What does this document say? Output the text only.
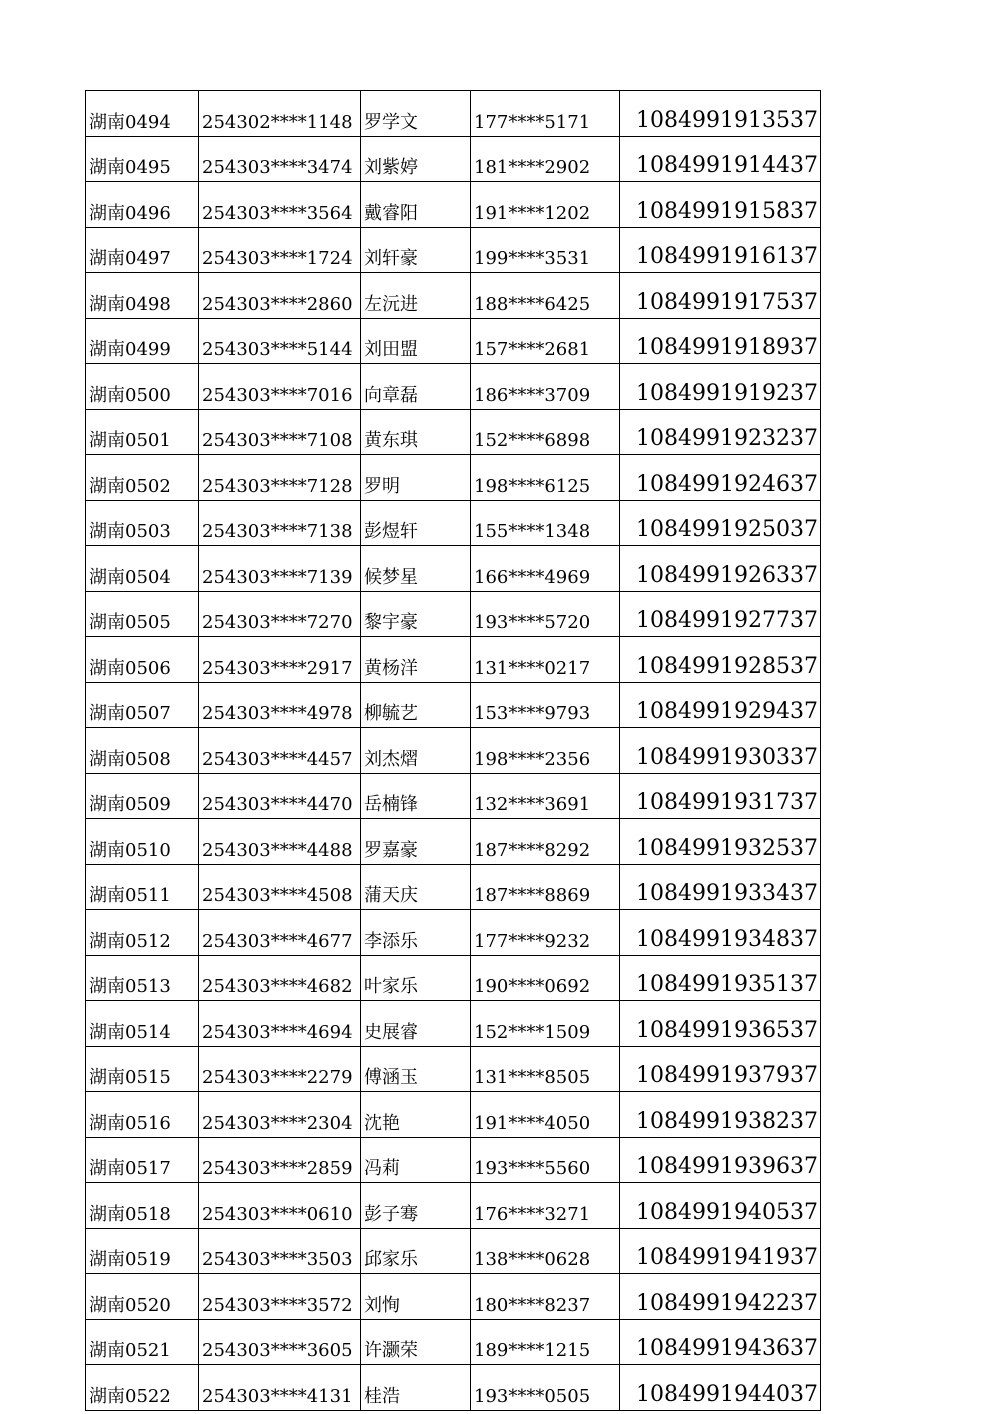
湖南0494	254302****1148	罗学文	177****5171	1084991913537
湖南0495	254303****3474	刘紫婷	181****2902	1084991914437
湖南0496	254303****3564	戴睿阳	191****1202	1084991915837
湖南0497	254303****1724	刘轩豪	199****3531	1084991916137
湖南0498	254303****2860	左沅进	188****6425	1084991917537
湖南0499	254303****5144	刘田盟	157****2681	1084991918937
湖南0500	254303****7016	向章磊	186****3709	1084991919237
湖南0501	254303****7108	黄东琪	152****6898	1084991923237
湖南0502	254303****7128	罗明	198****6125	1084991924637
湖南0503	254303****7138	彭煜轩	155****1348	1084991925037
湖南0504	254303****7139	候梦星	166****4969	1084991926337
湖南0505	254303****7270	黎宇豪	193****5720	1084991927737
湖南0506	254303****2917	黄杨洋	131****0217	1084991928537
湖南0507	254303****4978	柳毓艺	153****9793	1084991929437
湖南0508	254303****4457	刘杰熠	198****2356	1084991930337
湖南0509	254303****4470	岳楠锋	132****3691	1084991931737
湖南0510	254303****4488	罗嘉豪	187****8292	1084991932537
湖南0511	254303****4508	蒲天庆	187****8869	1084991933437
湖南0512	254303****4677	李添乐	177****9232	1084991934837
湖南0513	254303****4682	叶家乐	190****0692	1084991935137
湖南0514	254303****4694	史展睿	152****1509	1084991936537
湖南0515	254303****2279	傅涵玉	131****8505	1084991937937
湖南0516	254303****2304	沈艳	191****4050	1084991938237
湖南0517	254303****2859	冯莉	193****5560	1084991939637
湖南0518	254303****0610	彭子骞	176****3271	1084991940537
湖南0519	254303****3503	邱家乐	138****0628	1084991941937
湖南0520	254303****3572	刘恂	180****8237	1084991942237
湖南0521	254303****3605	许灏荣	189****1215	1084991943637
湖南0522	254303****4131	桂浩	193****0505	1084991944037
